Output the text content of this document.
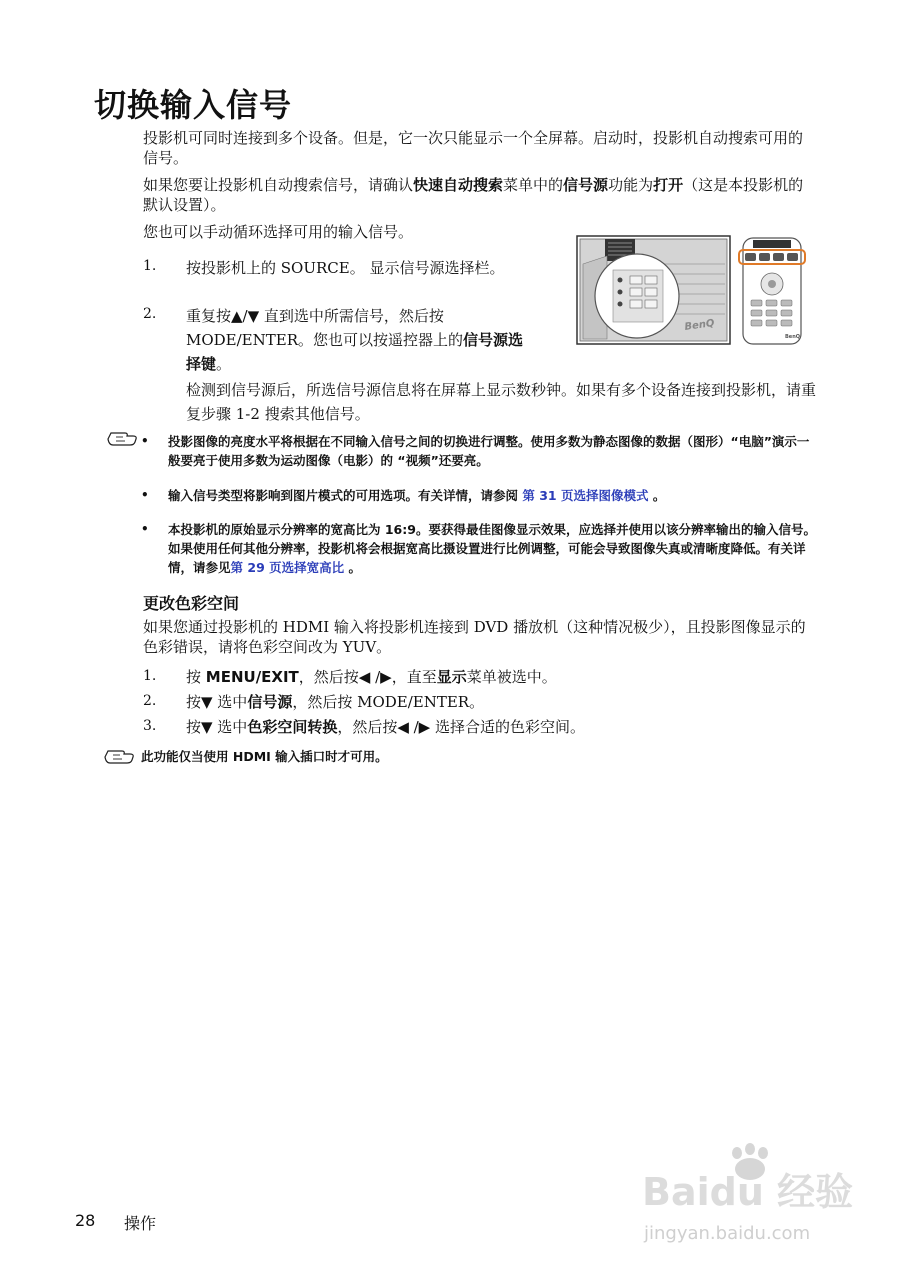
切换输入信号
投影机可同时连接到多个设备。但是，它一次只能显示一个全屏幕。启动时，投影机自动搜索可用的信号。
如果您要让投影机自动搜索信号，请确认快速自动搜索菜单中的信号源功能为打开（这是本投影机的默认设置）。
您也可以手动循环选择可用的输入信号。
1. 按投影机上的 SOURCE。 显示信号源选择栏。
2. 重复按▲/▼ 直到选中所需信号，然后按 MODE/ENTER。您也可以按遥控器上的信号源选择键。
检测到信号源后，所选信号源信息将在屏幕上显示数秒钟。如果有多个设备连接到投影机，请重复步骤 1-2 搜索其他信号。
BenQ
BenQ
• 投影图像的亮度水平将根据在不同输入信号之间的切换进行调整。使用多数为静态图像的数据（图形）“电脑”演示一般要亮于使用多数为运动图像（电影）的 “视频”还要亮。
• 输入信号类型将影响到图片模式的可用选项。有关详情，请参阅 第 31 页选择图像模式 。
• 本投影机的原始显示分辨率的宽高比为 16:9。要获得最佳图像显示效果，应选择并使用以该分辨率输出的输入信号。如果使用任何其他分辨率，投影机将会根据宽高比摄设置进行比例调整，可能会导致图像失真或清晰度降低。有关详情，请参见第 29 页选择宽高比 。
更改色彩空间
如果您通过投影机的 HDMI 输入将投影机连接到 DVD 播放机（这种情况极少），且投影图像显示的色彩错误，请将色彩空间改为 YUV。
1. 按 MENU/EXIT，然后按◀ /▶，直至显示菜单被选中。
2. 按▼ 选中信号源，然后按 MODE/ENTER。
3. 按▼ 选中色彩空间转换，然后按◀ /▶ 选择合适的色彩空间。
此功能仅当使用 HDMI 输入插口时才可用。
Baidu 经验
jingyan.baidu.com
28 操作
